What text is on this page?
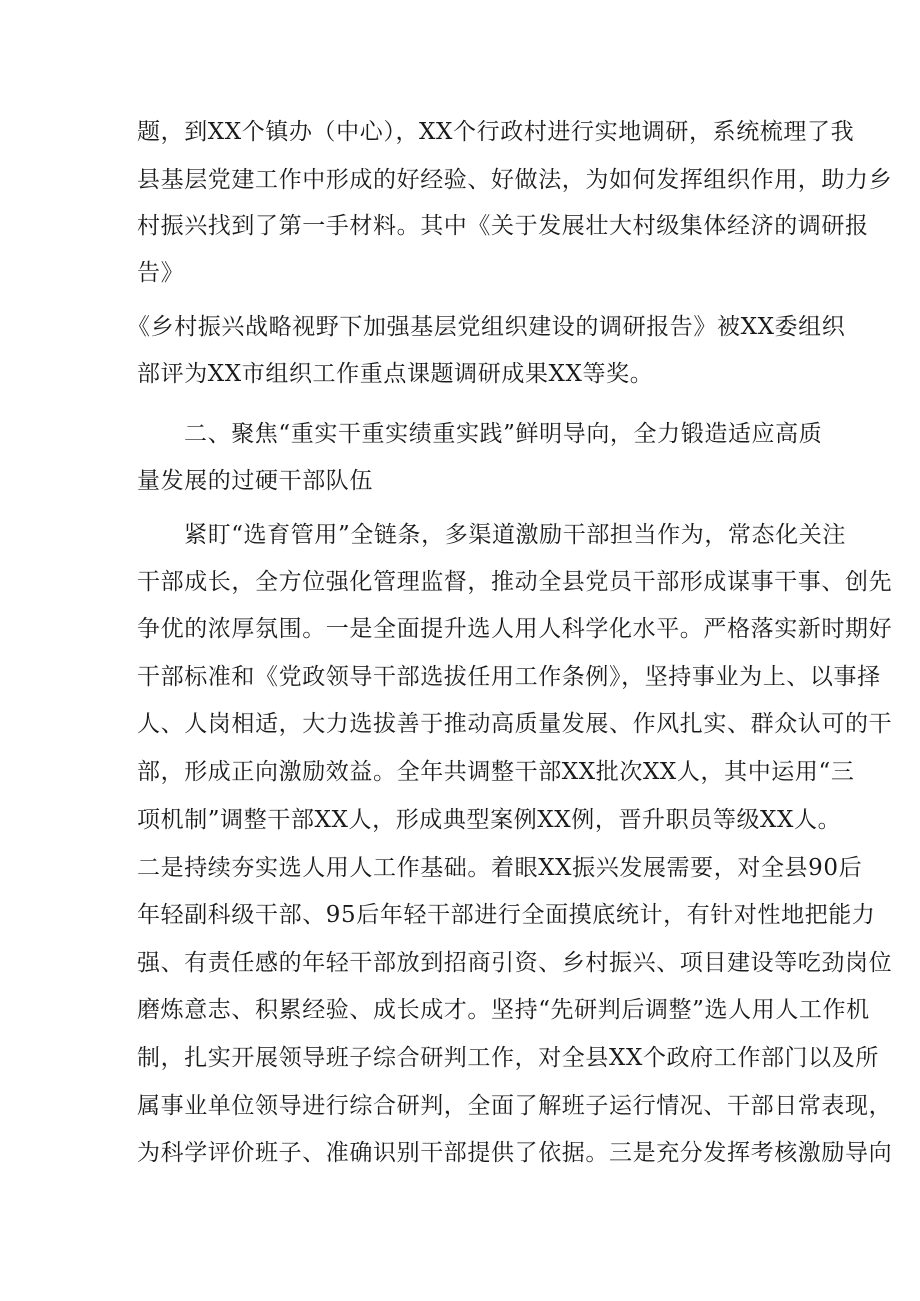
题，到XX个镇办（中心），XX个行政村进行实地调研，系统梳理了我

县基层党建工作中形成的好经验、好做法，为如何发挥组织作用，助力乡

村振兴找到了第一手材料。其中《关于发展壮大村级集体经济的调研报

告》

《乡村振兴战略视野下加强基层党组织建设的调研报告》被XX委组织

部评为XX市组织工作重点课题调研成果XX等奖。

二、聚焦“重实干重实绩重实践”鲜明导向，全力锻造适应高质

量发展的过硬干部队伍

紧盯“选育管用”全链条，多渠道激励干部担当作为，常态化关注

干部成长，全方位强化管理监督，推动全县党员干部形成谋事干事、创先

争优的浓厚氛围。一是全面提升选人用人科学化水平。严格落实新时期好

干部标准和《党政领导干部选拔任用工作条例》，坚持事业为上、以事择

人、人岗相适，大力选拔善于推动高质量发展、作风扎实、群众认可的干

部，形成正向激励效益。全年共调整干部XX批次XX人，其中运用“三

项机制”调整干部XX人，形成典型案例XX例，晋升职员等级XX人。

二是持续夯实选人用人工作基础。着眼XX振兴发展需要，对全县90后

年轻副科级干部、95后年轻干部进行全面摸底统计，有针对性地把能力

强、有责任感的年轻干部放到招商引资、乡村振兴、项目建设等吃劲岗位

磨炼意志、积累经验、成长成才。坚持“先研判后调整”选人用人工作机

制，扎实开展领导班子综合研判工作，对全县XX个政府工作部门以及所

属事业单位领导进行综合研判，全面了解班子运行情况、干部日常表现，

为科学评价班子、准确识别干部提供了依据。三是充分发挥考核激励导向
